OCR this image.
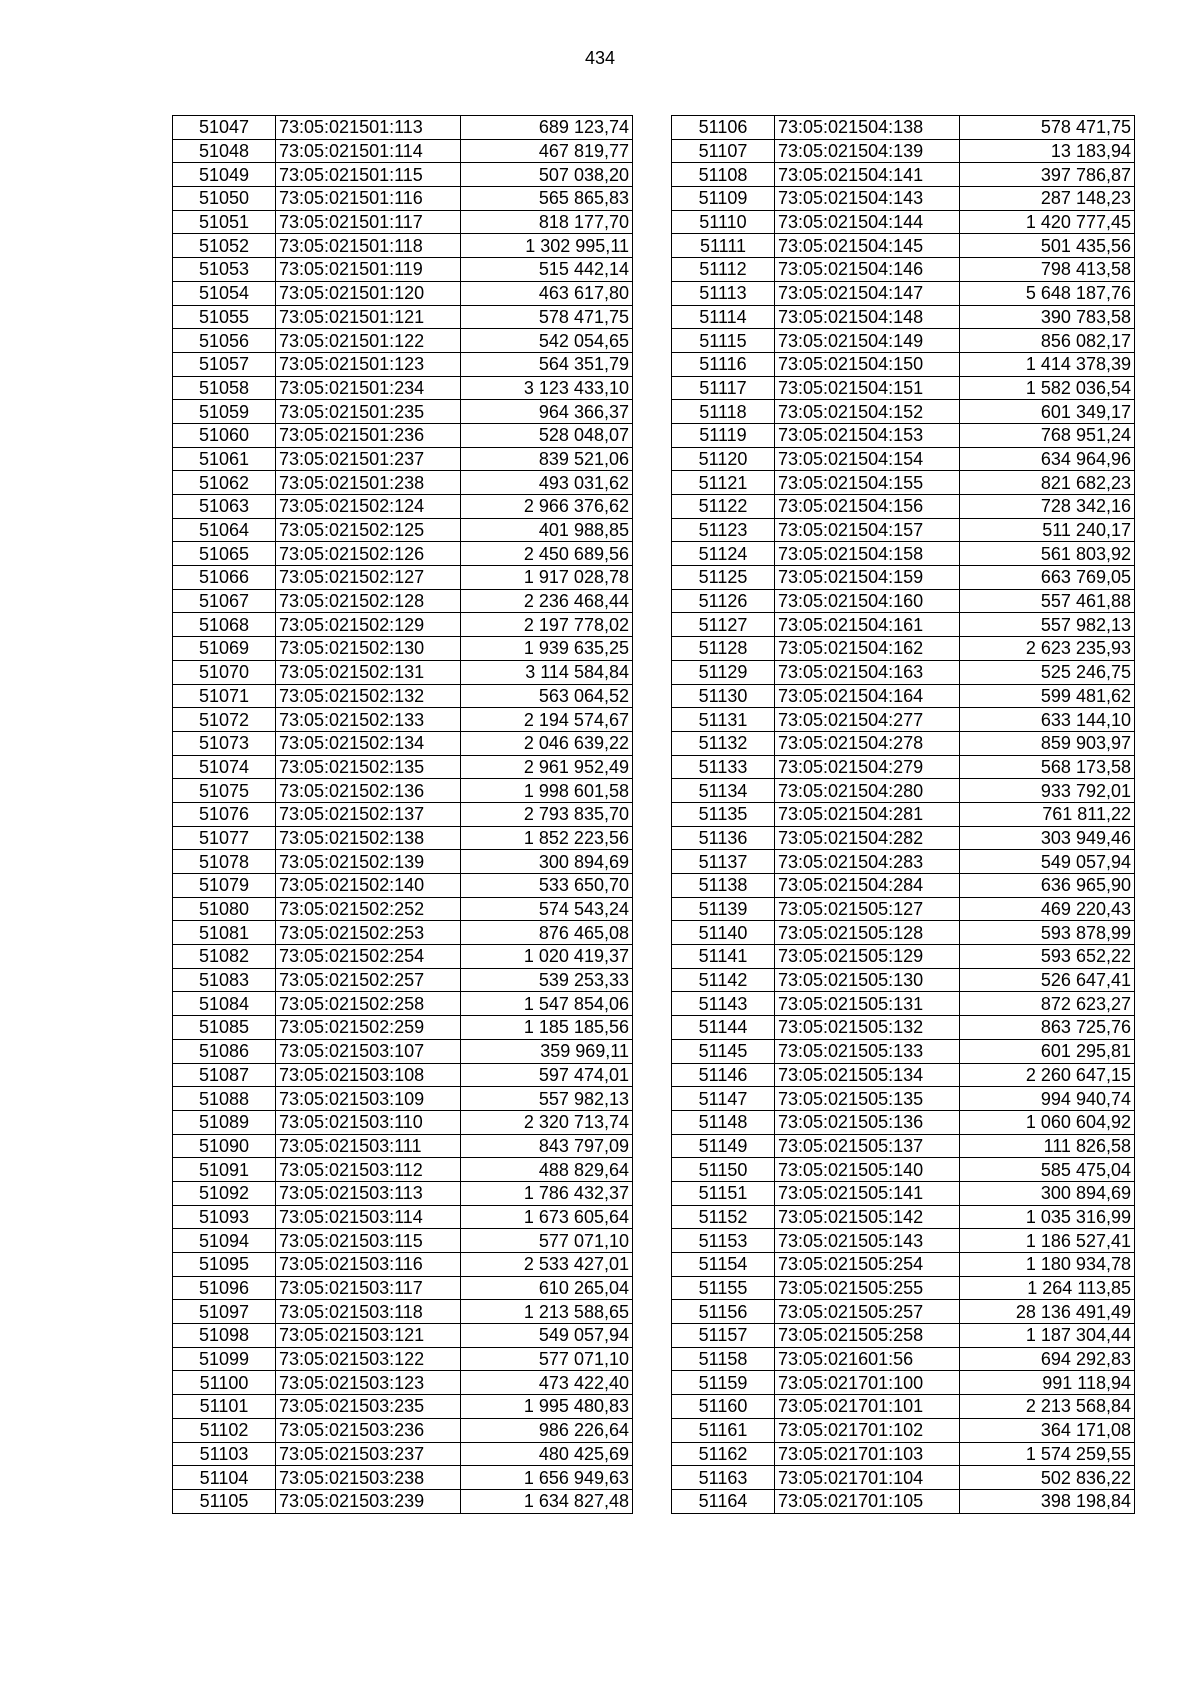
434
51047	73:05:021501:113	689 123,74
51048	73:05:021501:114	467 819,77
51049	73:05:021501:115	507 038,20
51050	73:05:021501:116	565 865,83
51051	73:05:021501:117	818 177,70
51052	73:05:021501:118	1 302 995,11
51053	73:05:021501:119	515 442,14
51054	73:05:021501:120	463 617,80
51055	73:05:021501:121	578 471,75
51056	73:05:021501:122	542 054,65
51057	73:05:021501:123	564 351,79
51058	73:05:021501:234	3 123 433,10
51059	73:05:021501:235	964 366,37
51060	73:05:021501:236	528 048,07
51061	73:05:021501:237	839 521,06
51062	73:05:021501:238	493 031,62
51063	73:05:021502:124	2 966 376,62
51064	73:05:021502:125	401 988,85
51065	73:05:021502:126	2 450 689,56
51066	73:05:021502:127	1 917 028,78
51067	73:05:021502:128	2 236 468,44
51068	73:05:021502:129	2 197 778,02
51069	73:05:021502:130	1 939 635,25
51070	73:05:021502:131	3 114 584,84
51071	73:05:021502:132	563 064,52
51072	73:05:021502:133	2 194 574,67
51073	73:05:021502:134	2 046 639,22
51074	73:05:021502:135	2 961 952,49
51075	73:05:021502:136	1 998 601,58
51076	73:05:021502:137	2 793 835,70
51077	73:05:021502:138	1 852 223,56
51078	73:05:021502:139	300 894,69
51079	73:05:021502:140	533 650,70
51080	73:05:021502:252	574 543,24
51081	73:05:021502:253	876 465,08
51082	73:05:021502:254	1 020 419,37
51083	73:05:021502:257	539 253,33
51084	73:05:021502:258	1 547 854,06
51085	73:05:021502:259	1 185 185,56
51086	73:05:021503:107	359 969,11
51087	73:05:021503:108	597 474,01
51088	73:05:021503:109	557 982,13
51089	73:05:021503:110	2 320 713,74
51090	73:05:021503:111	843 797,09
51091	73:05:021503:112	488 829,64
51092	73:05:021503:113	1 786 432,37
51093	73:05:021503:114	1 673 605,64
51094	73:05:021503:115	577 071,10
51095	73:05:021503:116	2 533 427,01
51096	73:05:021503:117	610 265,04
51097	73:05:021503:118	1 213 588,65
51098	73:05:021503:121	549 057,94
51099	73:05:021503:122	577 071,10
51100	73:05:021503:123	473 422,40
51101	73:05:021503:235	1 995 480,83
51102	73:05:021503:236	986 226,64
51103	73:05:021503:237	480 425,69
51104	73:05:021503:238	1 656 949,63
51105	73:05:021503:239	1 634 827,48
51106	73:05:021504:138	578 471,75
51107	73:05:021504:139	13 183,94
51108	73:05:021504:141	397 786,87
51109	73:05:021504:143	287 148,23
51110	73:05:021504:144	1 420 777,45
51111	73:05:021504:145	501 435,56
51112	73:05:021504:146	798 413,58
51113	73:05:021504:147	5 648 187,76
51114	73:05:021504:148	390 783,58
51115	73:05:021504:149	856 082,17
51116	73:05:021504:150	1 414 378,39
51117	73:05:021504:151	1 582 036,54
51118	73:05:021504:152	601 349,17
51119	73:05:021504:153	768 951,24
51120	73:05:021504:154	634 964,96
51121	73:05:021504:155	821 682,23
51122	73:05:021504:156	728 342,16
51123	73:05:021504:157	511 240,17
51124	73:05:021504:158	561 803,92
51125	73:05:021504:159	663 769,05
51126	73:05:021504:160	557 461,88
51127	73:05:021504:161	557 982,13
51128	73:05:021504:162	2 623 235,93
51129	73:05:021504:163	525 246,75
51130	73:05:021504:164	599 481,62
51131	73:05:021504:277	633 144,10
51132	73:05:021504:278	859 903,97
51133	73:05:021504:279	568 173,58
51134	73:05:021504:280	933 792,01
51135	73:05:021504:281	761 811,22
51136	73:05:021504:282	303 949,46
51137	73:05:021504:283	549 057,94
51138	73:05:021504:284	636 965,90
51139	73:05:021505:127	469 220,43
51140	73:05:021505:128	593 878,99
51141	73:05:021505:129	593 652,22
51142	73:05:021505:130	526 647,41
51143	73:05:021505:131	872 623,27
51144	73:05:021505:132	863 725,76
51145	73:05:021505:133	601 295,81
51146	73:05:021505:134	2 260 647,15
51147	73:05:021505:135	994 940,74
51148	73:05:021505:136	1 060 604,92
51149	73:05:021505:137	111 826,58
51150	73:05:021505:140	585 475,04
51151	73:05:021505:141	300 894,69
51152	73:05:021505:142	1 035 316,99
51153	73:05:021505:143	1 186 527,41
51154	73:05:021505:254	1 180 934,78
51155	73:05:021505:255	1 264 113,85
51156	73:05:021505:257	28 136 491,49
51157	73:05:021505:258	1 187 304,44
51158	73:05:021601:56	694 292,83
51159	73:05:021701:100	991 118,94
51160	73:05:021701:101	2 213 568,84
51161	73:05:021701:102	364 171,08
51162	73:05:021701:103	1 574 259,55
51163	73:05:021701:104	502 836,22
51164	73:05:021701:105	398 198,84
